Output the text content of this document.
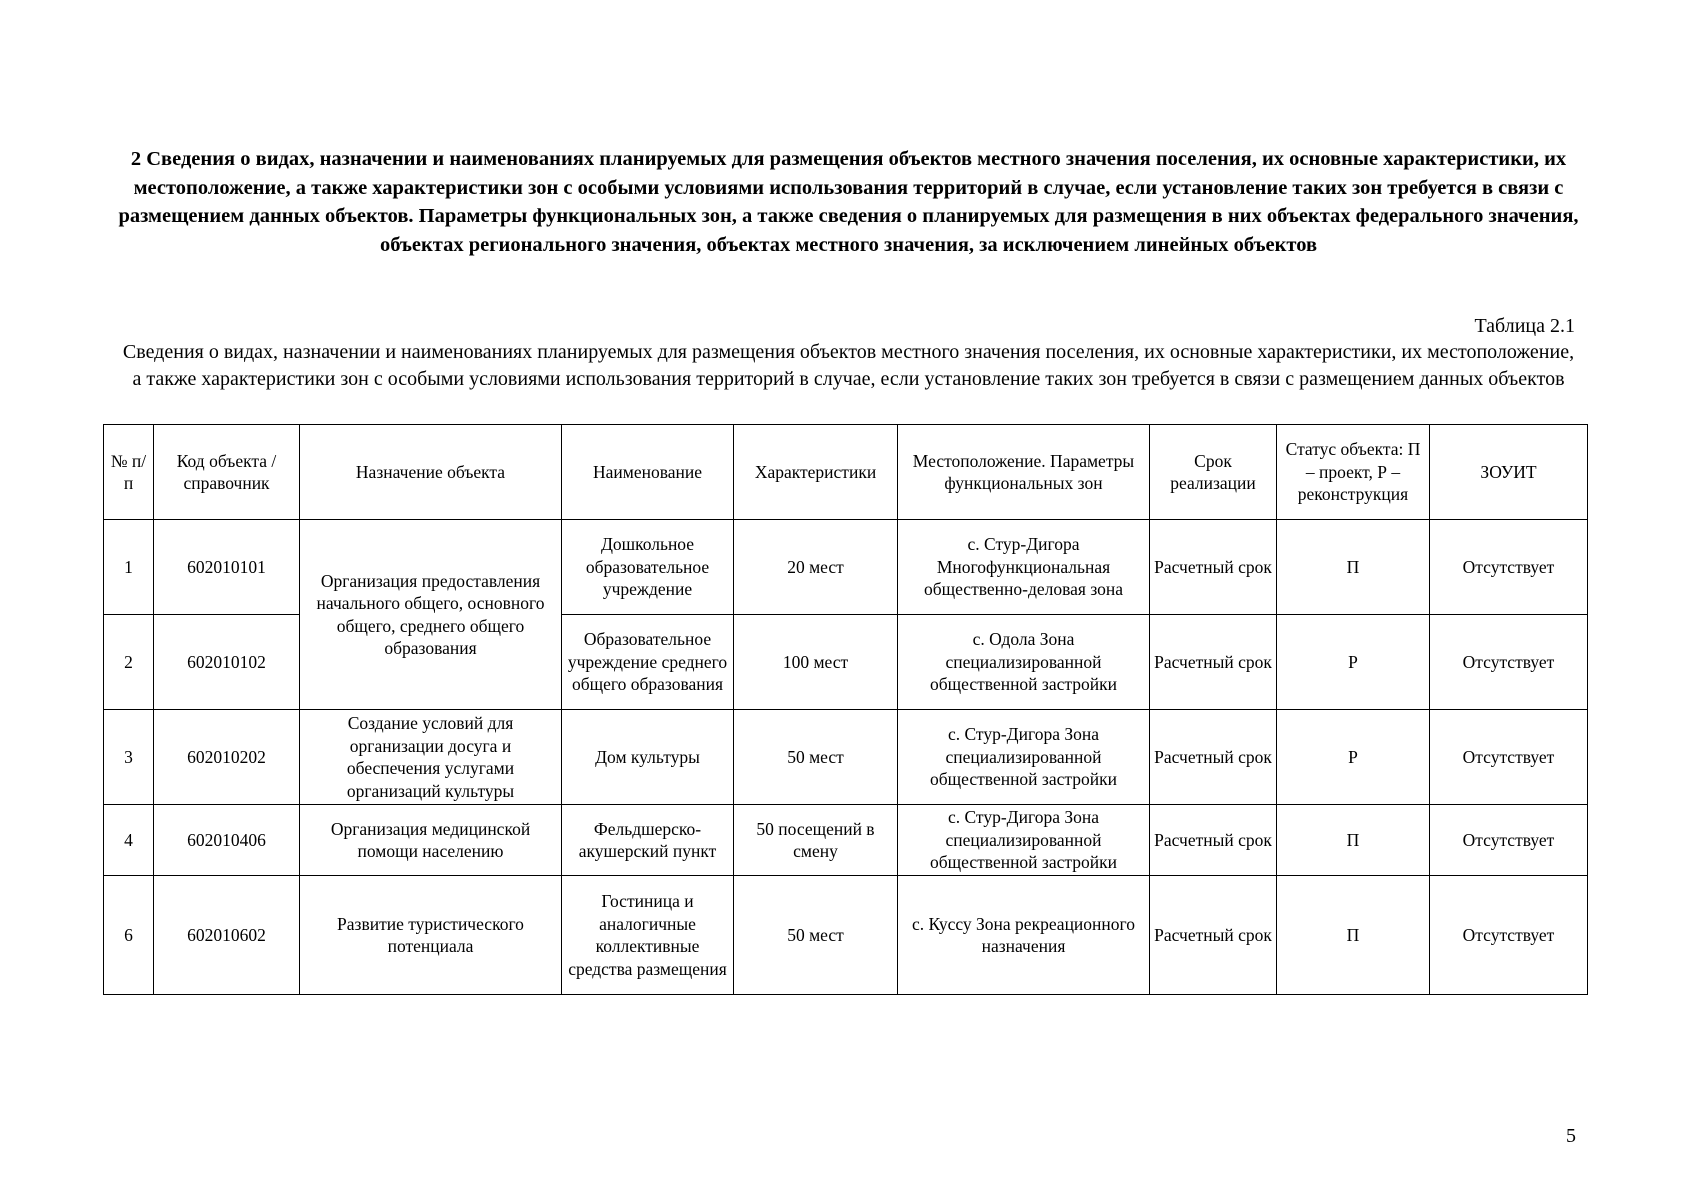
2 Сведения о видах, назначении и наименованиях планируемых для размещения объектов местного значения поселения, их основные характеристики, их местоположение, а также характеристики зон с особыми условиями использования территорий в случае, если установление таких зон требуется в связи с размещением данных объектов. Параметры функциональных зон, а также сведения о планируемых для размещения в них объектах федерального значения, объектах регионального значения, объектах местного значения, за исключением линейных объектов
Таблица 2.1
Сведения о видах, назначении и наименованиях планируемых для размещения объектов местного значения поселения, их основные характеристики, их местоположение, а также характеристики зон с особыми условиями использования территорий в случае, если установление таких зон требуется в связи с размещением данных объектов
№ п/п	Код объекта / справочник	Назначение объекта	Наименование	Характеристики	Местоположение. Параметры функциональных зон	Срок реализации	Статус объекта: П – проект, Р – реконструкция	ЗОУИТ
1	602010101	Организация предоставления начального общего, основного общего, среднего общего образования	Дошкольное образовательное учреждение	20 мест	с. Стур-Дигора Многофункциональная общественно-деловая зона	Расчетный срок	П	Отсутствует
2	602010102		Образовательное учреждение среднего общего образования	100 мест	с. Одола Зона специализированной общественной застройки	Расчетный срок	Р	Отсутствует
3	602010202	Создание условий для организации досуга и обеспечения услугами организаций культуры	Дом культуры	50 мест	с. Стур-Дигора Зона специализированной общественной застройки	Расчетный срок	Р	Отсутствует
4	602010406	Организация медицинской помощи населению	Фельдшерско-акушерский пункт	50 посещений в смену	с. Стур-Дигора Зона специализированной общественной застройки	Расчетный срок	П	Отсутствует
6	602010602	Развитие туристического потенциала	Гостиница и аналогичные коллективные средства размещения	50 мест	с. Куссу Зона рекреационного назначения	Расчетный срок	П	Отсутствует
5
